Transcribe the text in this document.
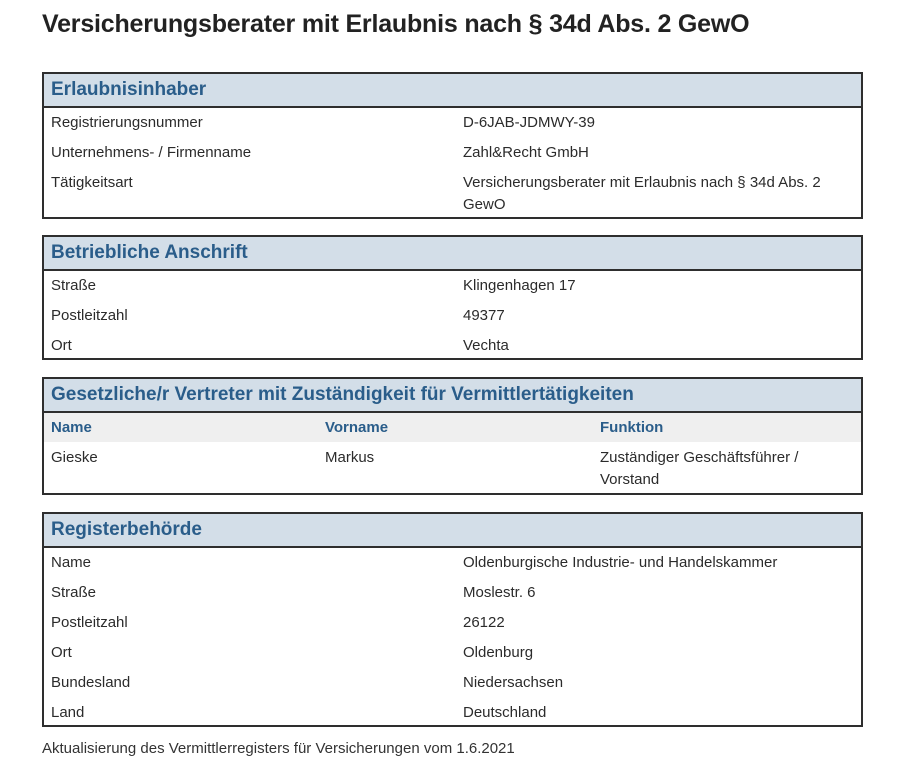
Versicherungsberater mit Erlaubnis nach § 34d Abs. 2 GewO
Erlaubnisinhaber
Registrierungsnummer	D-6JAB-JDMWY-39
Unternehmens- / Firmenname	Zahl&Recht GmbH
Tätigkeitsart	Versicherungsberater mit Erlaubnis nach § 34d Abs. 2 GewO
Betriebliche Anschrift
Straße	Klingenhagen 17
Postleitzahl	49377
Ort	Vechta
Gesetzliche/r Vertreter mit Zuständigkeit für Vermittlertätigkeiten
Name	Vorname	Funktion
Gieske	Markus	Zuständiger Geschäftsführer / Vorstand
Registerbehörde
Name	Oldenburgische Industrie- und Handelskammer
Straße	Moslestr. 6
Postleitzahl	26122
Ort	Oldenburg
Bundesland	Niedersachsen
Land	Deutschland
Aktualisierung des Vermittlerregisters für Versicherungen vom 1.6.2021
